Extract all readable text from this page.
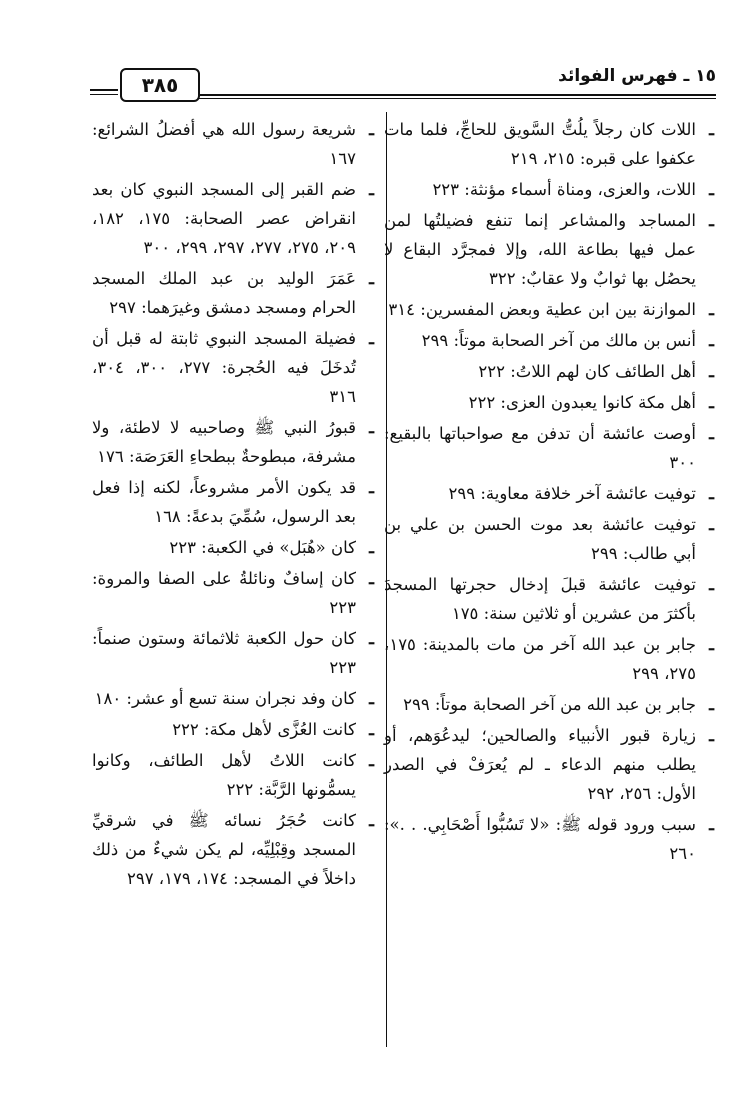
١٥ ـ فهرس الفوائد
٣٨٥
ـ
اللات كان رجلاً يلُتُّ السَّويق للحاجِّ، فلما مات عكفوا على قبره: ٢١٥، ٢١٩
ـ
اللات، والعزى، ومناة أسماء مؤنثة: ٢٢٣
ـ
المساجد والمشاعر إنما تنفع فضيلتُها لمن عمل فيها بطاعة الله، وإلا فمجرَّد البقاع لا يحصُل بها ثوابٌ ولا عقابٌ: ٣٢٢
ـ
الموازنة بين ابن عطية وبعض المفسرين: ٣١٤
ـ
أنس بن مالك من آخر الصحابة موتاً: ٢٩٩
ـ
أهل الطائف كان لهم اللاتُ: ٢٢٢
ـ
أهل مكة كانوا يعبدون العزى: ٢٢٢
ـ
أوصت عائشة أن تدفن مع صواحباتها بالبقيع: ٣٠٠
ـ
توفيت عائشة آخر خلافة معاوية: ٢٩٩
ـ
توفيت عائشة بعد موت الحسن بن علي بن أبي طالب: ٢٩٩
ـ
توفيت عائشة قبلَ إدخال حجرتها المسجدَ بأكثرَ من عشرين أو ثلاثين سنة: ١٧٥
ـ
جابر بن عبد الله آخر من مات بالمدينة: ١٧٥، ٢٧٥، ٢٩٩
ـ
جابر بن عبد الله من آخر الصحابة موتاً: ٢٩٩
ـ
زيارة قبور الأنبياء والصالحين؛ ليدعُوَهم، أو يطلب منهم الدعاء ـ لم يُعرَفْ في الصدر الأول: ٢٥٦، ٢٩٢
ـ
سبب ورود قوله ﷺ: «لا تَسُبُّوا أَصْحَابِي. . .»: ٢٦٠
ـ
شريعة رسول الله هي أفضلُ الشرائع: ١٦٧
ـ
ضم القبر إلى المسجد النبوي كان بعد انقراض عصر الصحابة: ١٧٥، ١٨٢، ٢٠٩، ٢٧٥، ٢٧٧، ٢٩٧، ٢٩٩، ٣٠٠
ـ
عَمَرَ الوليد بن عبد الملك المسجد الحرام ومسجد دمشق وغيرَهما: ٢٩٧
ـ
فضيلة المسجد النبوي ثابتة له قبل أن تُدخَلَ فيه الحُجرة: ٢٧٧، ٣٠٠، ٣٠٤، ٣١٦
ـ
قبورُ النبي ﷺ وصاحبيه لا لاطئة، ولا مشرفة، مبطوحةٌ ببطحاءِ العَرَصَة: ١٧٦
ـ
قد يكون الأمر مشروعاً، لكنه إذا فعل بعد الرسول، سُمِّيَ بدعةً: ١٦٨
ـ
كان «هُبَل» في الكعبة: ٢٢٣
ـ
كان إسافٌ ونائلةُ على الصفا والمروة: ٢٢٣
ـ
كان حول الكعبة ثلاثمائة وستون صنماً: ٢٢٣
ـ
كان وفد نجران سنة تسع أو عشر: ١٨٠
ـ
كانت العُزَّى لأهل مكة: ٢٢٢
ـ
كانت اللاتُ لأهل الطائف، وكانوا يسمُّونها الرَّبَّة: ٢٢٢
ـ
كانت حُجَرُ نسائه ﷺ في شرقيِّ المسجد وقِبْلِيِّه، لم يكن شيءٌ من ذلك داخلاً في المسجد: ١٧٤، ١٧٩، ٢٩٧
